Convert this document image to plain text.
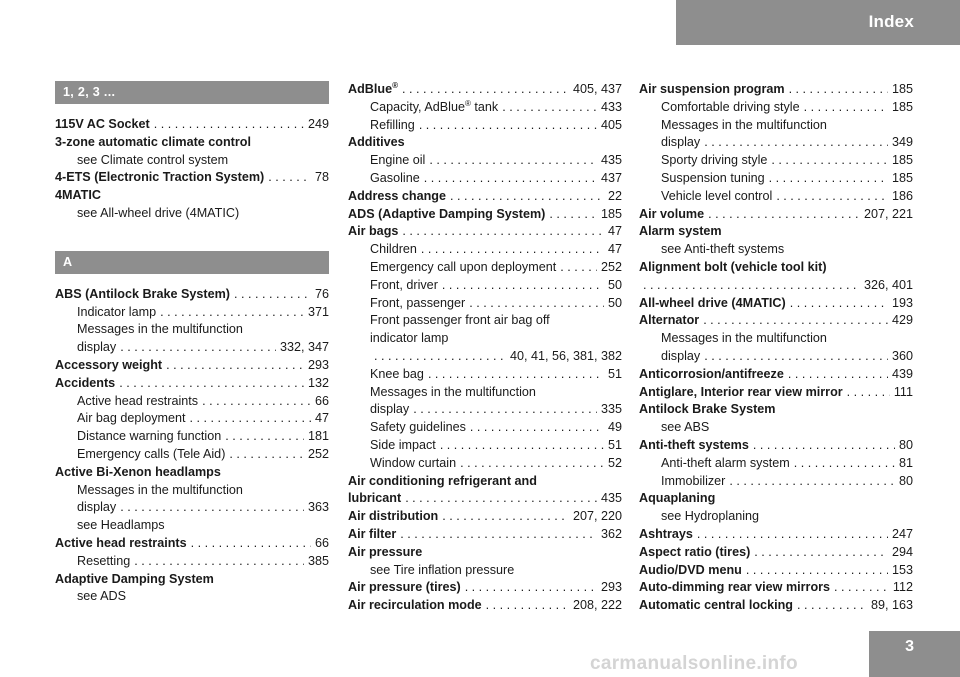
Index
1, 2, 3 ...
115V AC Socket . . .	249
3-zone automatic climate control
see Climate control system
4-ETS (Electronic Traction System) . . .	78
4MATIC
see All-wheel drive (4MATIC)
A
ABS (Antilock Brake System) . . .	76
Indicator lamp . . .	371
Messages in the multifunction
display . . .	332, 347
Accessory weight . . .	293
Accidents . . .	132
Active head restraints . . .	66
Air bag deployment . . .	47
Distance warning function . . .	181
Emergency calls (Tele Aid) . . .	252
Active Bi-Xenon headlamps
Messages in the multifunction
display . . .	363
see Headlamps
Active head restraints . . .	66
Resetting . . .	385
Adaptive Damping System
see ADS
AdBlue® . . .	405, 437
Capacity, AdBlue® tank . . .	433
Refilling . . .	405
Additives
Engine oil . . .	435
Gasoline . . .	437
Address change . . .	22
ADS (Adaptive Damping System) . . .	185
Air bags . . .	47
Children . . .	47
Emergency call upon deployment . . .	252
Front, driver . . .	50
Front, passenger . . .	50
Front passenger front air bag off
indicator lamp
. . .
40, 41, 56, 381, 382
Knee bag . . .	51
Messages in the multifunction
display . . .	335
Safety guidelines . . .	49
Side impact . . .	51
Window curtain . . .	52
Air conditioning refrigerant and
lubricant . . .	435
Air distribution . . .	207, 220
Air filter . . .	362
Air pressure
see Tire inflation pressure
Air pressure (tires) . . .	293
Air recirculation mode . . .	208, 222
Air suspension program . . .	185
Comfortable driving style . . .	185
Messages in the multifunction
display . . .	349
Sporty driving style . . .	185
Suspension tuning . . .	185
Vehicle level control . . .	186
Air volume . . .	207, 221
Alarm system
see Anti-theft systems
Alignment bolt (vehicle tool kit)
. . .
326, 401
All-wheel drive (4MATIC) . . .	193
Alternator . . .	429
Messages in the multifunction
display . . .	360
Anticorrosion/antifreeze . . .	439
Antiglare, Interior rear view mirror . . .	111
Antilock Brake System
see ABS
Anti-theft systems . . .	80
Anti-theft alarm system . . .	81
Immobilizer . . .	80
Aquaplaning
see Hydroplaning
Ashtrays . . .	247
Aspect ratio (tires) . . .	294
Audio/DVD menu . . .	153
Auto-dimming rear view mirrors . . .	112
Automatic central locking . . .	89, 163
carmanualsonline.info
3
